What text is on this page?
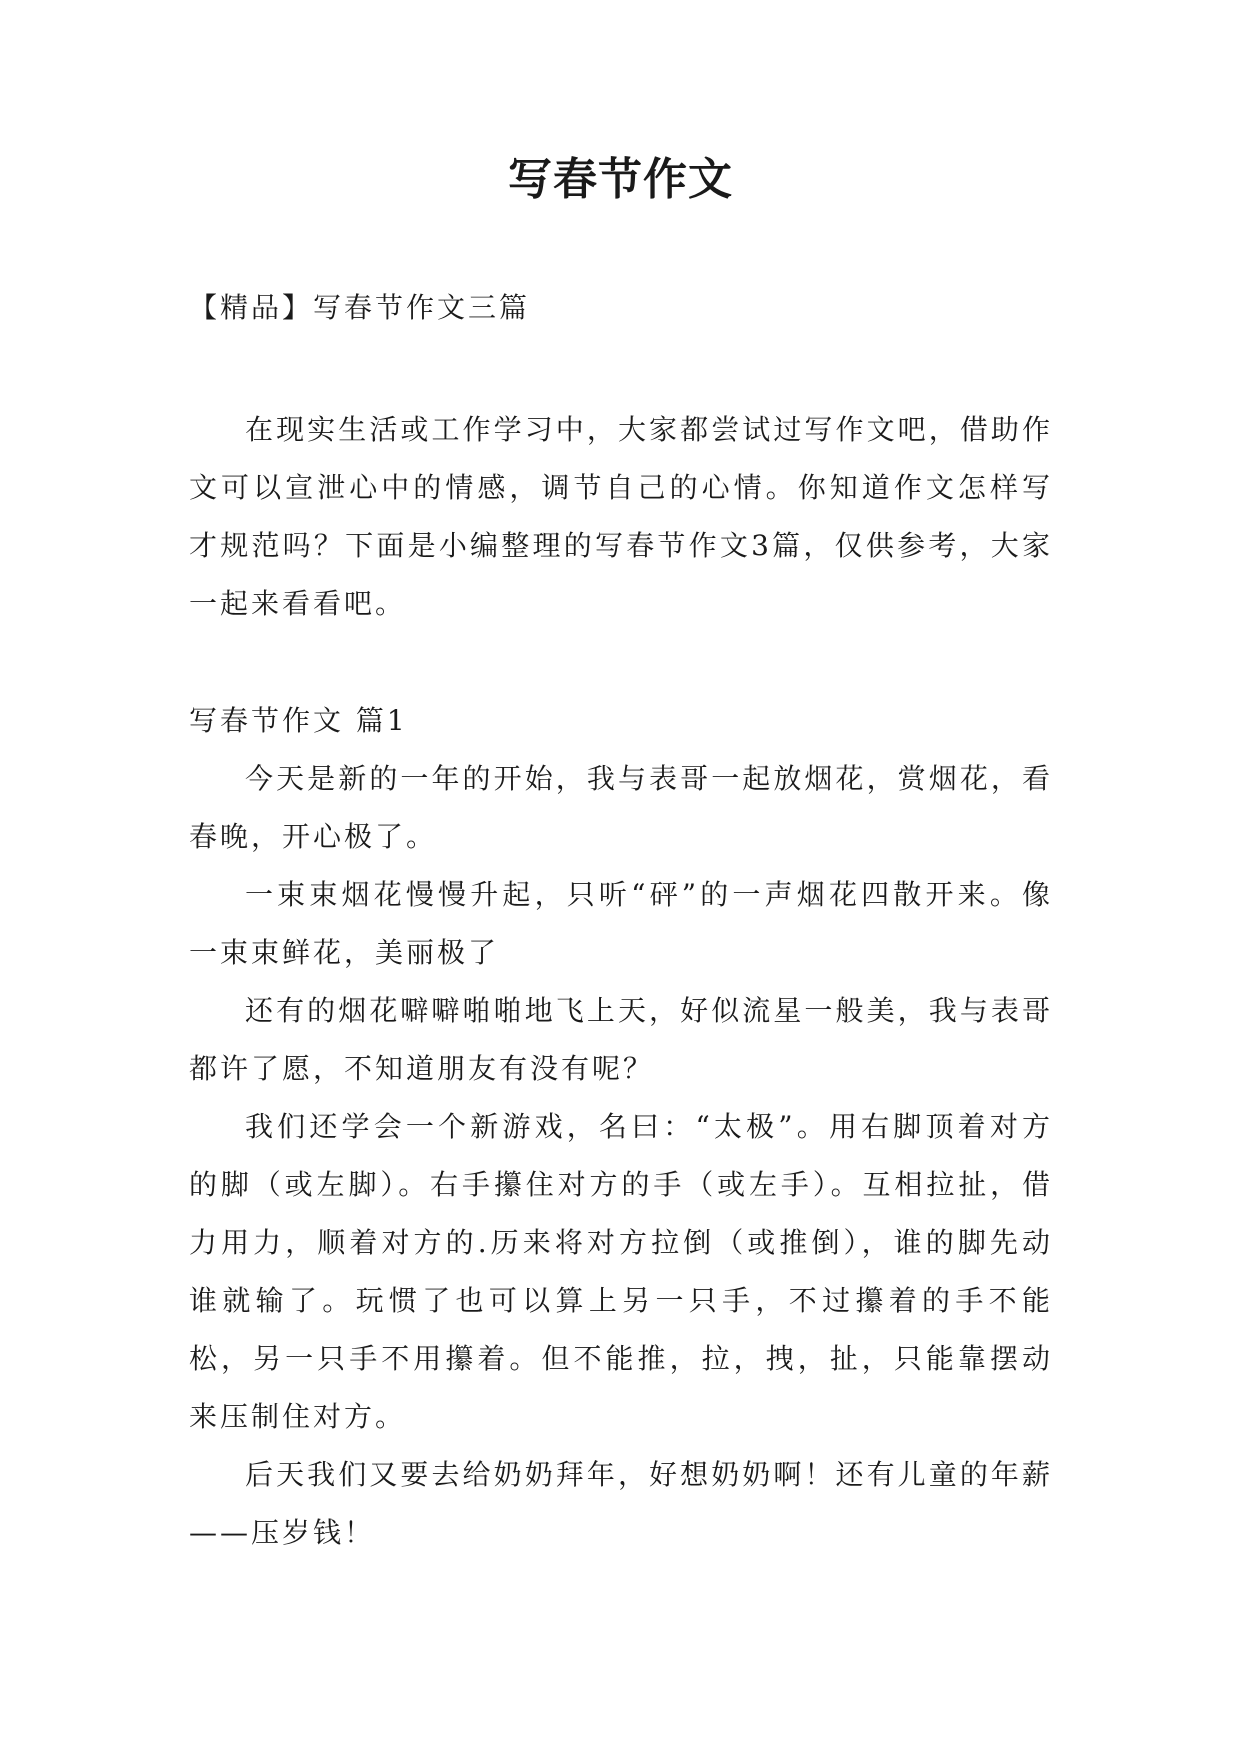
写春节作文

【精品】写春节作文三篇

在现实生活或工作学习中，大家都尝试过写作文吧，借助作文可以宣泄心中的情感，调节自己的心情。你知道作文怎样写才规范吗？下面是小编整理的写春节作文3篇，仅供参考，大家一起来看看吧。

写春节作文 篇1

今天是新的一年的开始，我与表哥一起放烟花，赏烟花，看春晚，开心极了。

一束束烟花慢慢升起，只听“砰”的一声烟花四散开来。像一束束鲜花，美丽极了

还有的烟花噼噼啪啪地飞上天，好似流星一般美，我与表哥都许了愿，不知道朋友有没有呢？

我们还学会一个新游戏，名曰：“太极”。用右脚顶着对方的脚（或左脚）。右手攥住对方的手（或左手）。互相拉扯，借力用力，顺着对方的.历来将对方拉倒（或推倒），谁的脚先动谁就输了。玩惯了也可以算上另一只手，不过攥着的手不能松，另一只手不用攥着。但不能推，拉，拽，扯，只能靠摆动来压制住对方。

后天我们又要去给奶奶拜年，好想奶奶啊！还有儿童的年薪——压岁钱！
